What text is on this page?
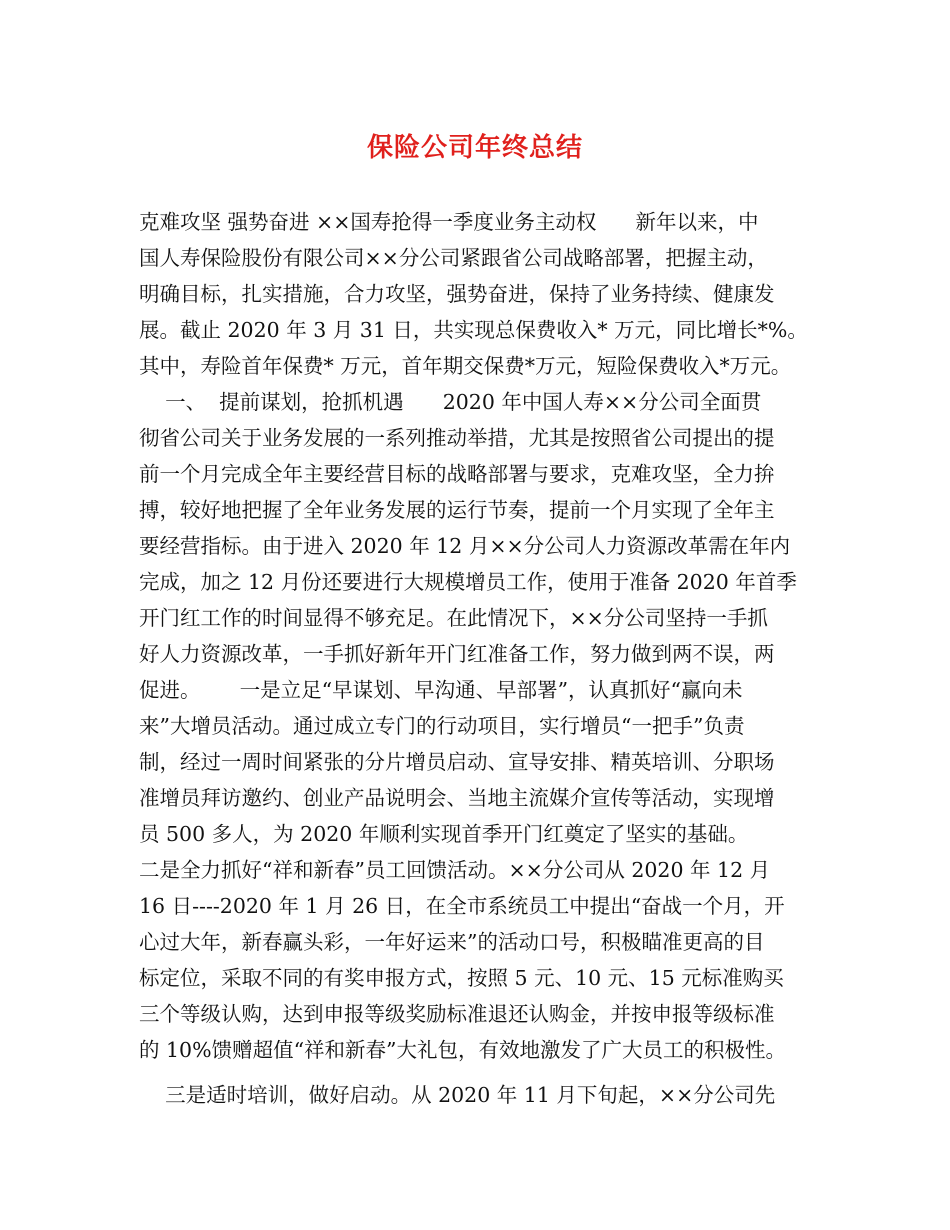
保险公司年终总结
克难攻坚 强势奋进 ××国寿抢得一季度业务主动权      新年以来，中
国人寿保险股份有限公司××分公司紧跟省公司战略部署，把握主动，
明确目标，扎实措施，合力攻坚，强势奋进，保持了业务持续、健康发
展。截止 2020 年 3 月 31 日，共实现总保费收入* 万元，同比增长*%。
其中，寿险首年保费* 万元，首年期交保费*万元，短险保费收入*万元。
一、  提前谋划，抢抓机遇      2020 年中国人寿××分公司全面贯
彻省公司关于业务发展的一系列推动举措，尤其是按照省公司提出的提
前一个月完成全年主要经营目标的战略部署与要求，克难攻坚，全力拚
搏，较好地把握了全年业务发展的运行节奏，提前一个月实现了全年主
要经营指标。由于进入 2020 年 12 月××分公司人力资源改革需在年内
完成，加之 12 月份还要进行大规模增员工作，使用于准备 2020 年首季
开门红工作的时间显得不够充足。在此情况下，××分公司坚持一手抓
好人力资源改革，一手抓好新年开门红准备工作，努力做到两不误，两
促进。      一是立足“早谋划、早沟通、早部署”，认真抓好“赢向未
来”大增员活动。通过成立专门的行动项目，实行增员“一把手”负责
制，经过一周时间紧张的分片增员启动、宣导安排、精英培训、分职场
准增员拜访邀约、创业产品说明会、当地主流媒介宣传等活动，实现增
员 500 多人，为 2020 年顺利实现首季开门红奠定了坚实的基础。
二是全力抓好“祥和新春”员工回馈活动。××分公司从 2020 年 12 月
16 日----2020 年 1 月 26 日，在全市系统员工中提出“奋战一个月，开
心过大年，新春赢头彩，一年好运来”的活动口号，积极瞄准更高的目
标定位，采取不同的有奖申报方式，按照 5 元、10 元、15 元标准购买
三个等级认购，达到申报等级奖励标准退还认购金，并按申报等级标准
的 10%馈赠超值“祥和新春”大礼包，有效地激发了广大员工的积极性。
三是适时培训，做好启动。从 2020 年 11 月下旬起，××分公司先
